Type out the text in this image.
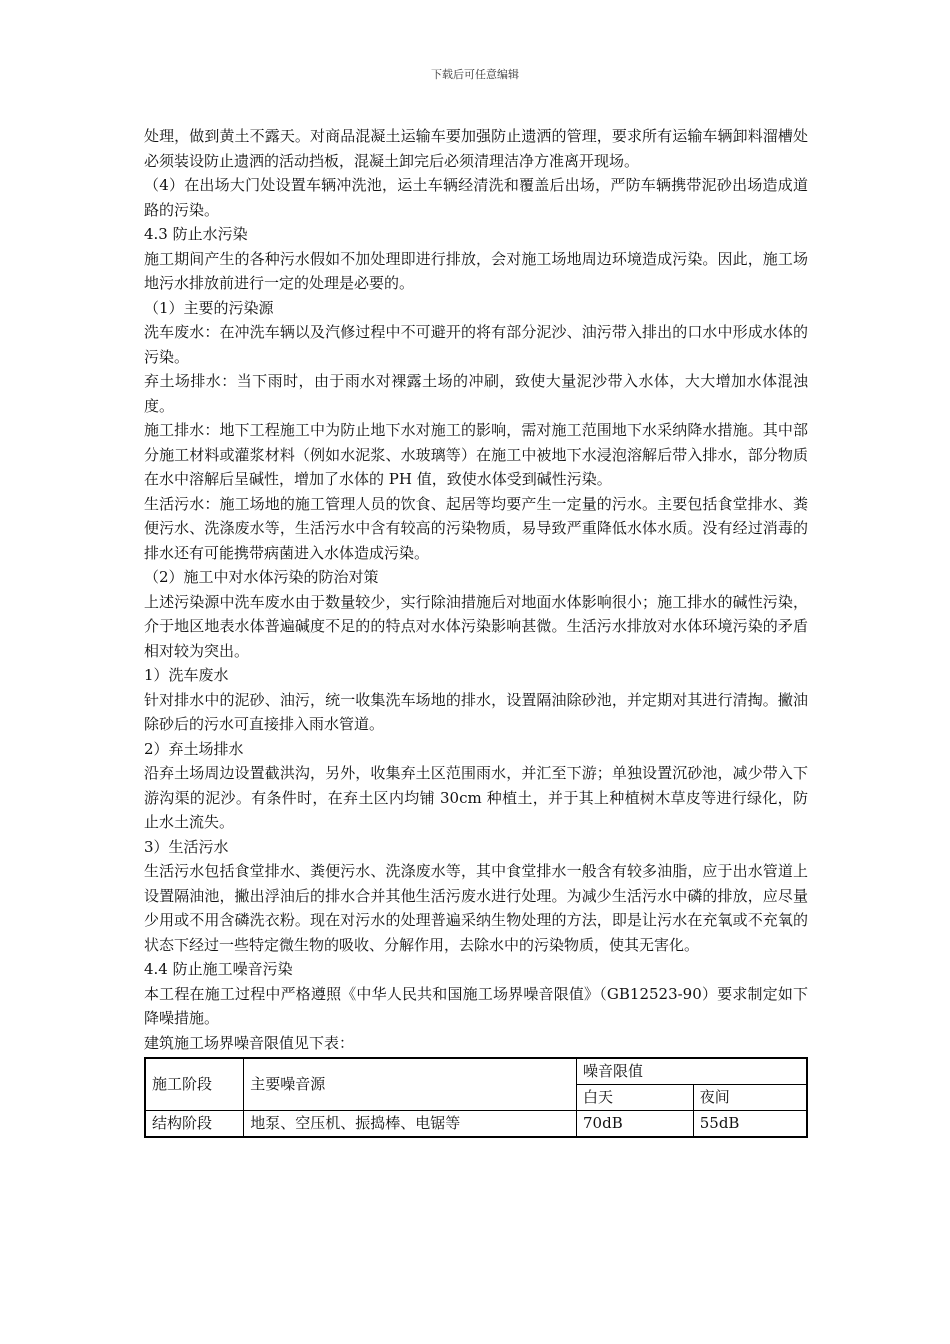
下载后可任意编辑

处理，做到黄土不露天。对商品混凝土运输车要加强防止遗洒的管理，要求所有运输车辆卸料溜槽处必须装设防止遗洒的活动挡板，混凝土卸完后必须清理洁净方准离开现场。

（4）在出场大门处设置车辆冲洗池，运土车辆经清洗和覆盖后出场，严防车辆携带泥砂出场造成道路的污染。

4.3 防止水污染

施工期间产生的各种污水假如不加处理即进行排放，会对施工场地周边环境造成污染。因此，施工场地污水排放前进行一定的处理是必要的。

（1）主要的污染源

洗车废水：在冲洗车辆以及汽修过程中不可避开的将有部分泥沙、油污带入排出的口水中形成水体的污染。

弃土场排水：当下雨时，由于雨水对裸露土场的冲刷，致使大量泥沙带入水体，大大增加水体混浊度。

施工排水：地下工程施工中为防止地下水对施工的影响，需对施工范围地下水采纳降水措施。其中部分施工材料或灌浆材料（例如水泥浆、水玻璃等）在施工中被地下水浸泡溶解后带入排水，部分物质在水中溶解后呈碱性，增加了水体的 PH 值，致使水体受到碱性污染。

生活污水：施工场地的施工管理人员的饮食、起居等均要产生一定量的污水。主要包括食堂排水、粪便污水、洗涤废水等，生活污水中含有较高的污染物质，易导致严重降低水体水质。没有经过消毒的排水还有可能携带病菌进入水体造成污染。

（2）施工中对水体污染的防治对策

上述污染源中洗车废水由于数量较少，实行除油措施后对地面水体影响很小；施工排水的碱性污染，介于地区地表水体普遍碱度不足的的特点对水体污染影响甚微。生活污水排放对水体环境污染的矛盾相对较为突出。

1）洗车废水

针对排水中的泥砂、油污，统一收集洗车场地的排水，设置隔油除砂池，并定期对其进行清掏。撇油除砂后的污水可直接排入雨水管道。

2）弃土场排水

沿弃土场周边设置截洪沟，另外，收集弃土区范围雨水，并汇至下游；单独设置沉砂池，减少带入下游沟渠的泥沙。有条件时，在弃土区内均铺 30cm 种植土，并于其上种植树木草皮等进行绿化，防止水土流失。

3）生活污水

生活污水包括食堂排水、粪便污水、洗涤废水等，其中食堂排水一般含有较多油脂，应于出水管道上设置隔油池，撇出浮油后的排水合并其他生活污废水进行处理。为减少生活污水中磷的排放，应尽量少用或不用含磷洗衣粉。现在对污水的处理普遍采纳生物处理的方法，即是让污水在充氧或不充氧的状态下经过一些特定微生物的吸收、分解作用，去除水中的污染物质，使其无害化。

4.4 防止施工噪音污染

本工程在施工过程中严格遵照《中华人民共和国施工场界噪音限值》（GB12523-90）要求制定如下降噪措施。

建筑施工场界噪音限值见下表：

施工阶段	主要噪音源	噪音限值	
		白天	夜间
结构阶段	地泵、空压机、振捣棒、电锯等	70dB	55dB
